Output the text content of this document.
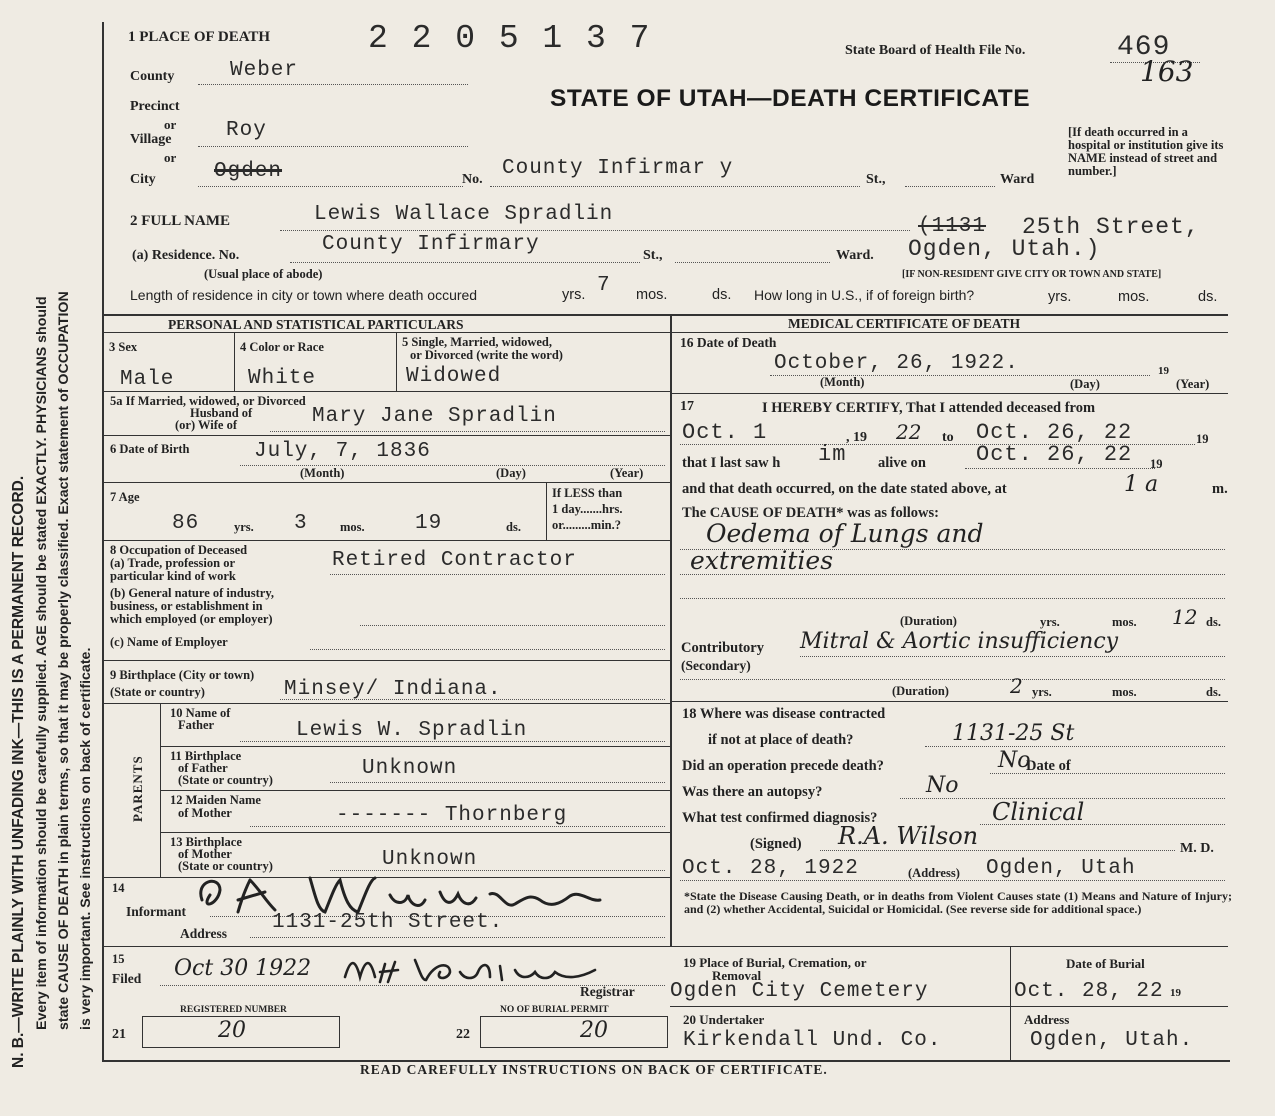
N. B.—WRITE PLAINLY WITH UNFADING INK—THIS IS A PERMANENT RECORD. Every item of information should be carefully supplied. AGE should be stated EXACTLY. PHYSICIANS should state CAUSE OF DEATH in plain terms, so that it may be properly classified. Exact statement of OCCUPATION is very important. See instructions on back of certificate.
1 PLACE OF DEATH	2 2 0 5 1 3 7	State Board of Health File No.	469
163
STATE OF UTAH—DEATH CERTIFICATE
[If death occurred in a hospital or institution give its NAME instead of street and number.]
County	Weber
Precinct
or
Village	Roy
or
City	Ogden	No. County Infirmar y	St.,	Ward
2 FULL NAME	Lewis Wallace Spradlin
(1131 25th Street,
(a) Residence. No.	County Infirmary	St.,	Ward. Ogden, Utah.)
(Usual place of abode)	[IF NON-RESIDENT GIVE CITY OR TOWN AND STATE]
Length of residence in city or town where death occured	yrs. 7 mos.	ds. How long in U.S., if of foreign birth?	yrs.	mos.	ds.
PERSONAL AND STATISTICAL PARTICULARS
3 Sex
Male
4 Color or Race
White
5 Single, Married, widowed,
or Divorced (write the word)
Widowed
5a If Married, widowed, or Divorced
Husband of
(or) Wife of	Mary Jane Spradlin
6 Date of Birth	July, 7, 1836
(Month)	(Day)	(Year)
7 Age
86	yrs. 3	mos. 19	ds.
If LESS than
1 day.......hrs.
or.........min.?
8 Occupation of Deceased
(a) Trade, profession or
particular kind of work
Retired Contractor
(b) General nature of industry,
business, or establishment in
which employed (or employer)
(c) Name of Employer
9 Birthplace (City or town)
(State or country)	Minsey/ Indiana.
PARENTS
10 Name of
Father	Lewis W. Spradlin
11 Birthplace
of Father
(State or country)	Unknown
12 Maiden Name
of Mother	------- Thornberg
13 Birthplace
of Mother
(State or country)	Unknown
14
Informant
Address 1131-25th Street.
15
Filed Oct 30 1922
Registrar
REGISTERED NUMBER
21	20
NO OF BURIAL PERMIT
22	20
MEDICAL CERTIFICATE OF DEATH
16 Date of Death
October, 26, 1922.
(Month)	(Day)
19
(Year)
17	I HEREBY CERTIFY, That I attended deceased from
Oct. 1	, 19 22 to Oct. 26, 22	19
that I last saw h im alive on Oct. 26, 22 19
and that death occurred, on the date stated above, at	1 a	m.
The CAUSE OF DEATH* was as follows:
Oedema of Lungs and
extremities
(Duration)	yrs.	mos. 12 ds.
Contributory
(Secondary)
Mitral & Aortic insufficiency
(Duration)	2 yrs.	mos.	ds.
18 Where was disease contracted
if not at place of death?	1131-25 St
Did an operation precede death?	No
Date of
Was there an autopsy?	No
What test confirmed diagnosis?	Clinical
(Signed) R.A. Wilson	M. D.
Oct. 28, 1922	(Address) Ogden, Utah
*State the Disease Causing Death, or in deaths from Violent Causes state (1) Means and Nature of Injury; and (2) whether Accidental, Suicidal or Homicidal. (See reverse side for additional space.)
19 Place of Burial, Cremation, or
Removal
Ogden City Cemetery
Date of Burial
Oct. 28, 22 19
20 Undertaker
Kirkendall Und. Co.
Address
Ogden, Utah.
READ CAREFULLY INSTRUCTIONS ON BACK OF CERTIFICATE.
